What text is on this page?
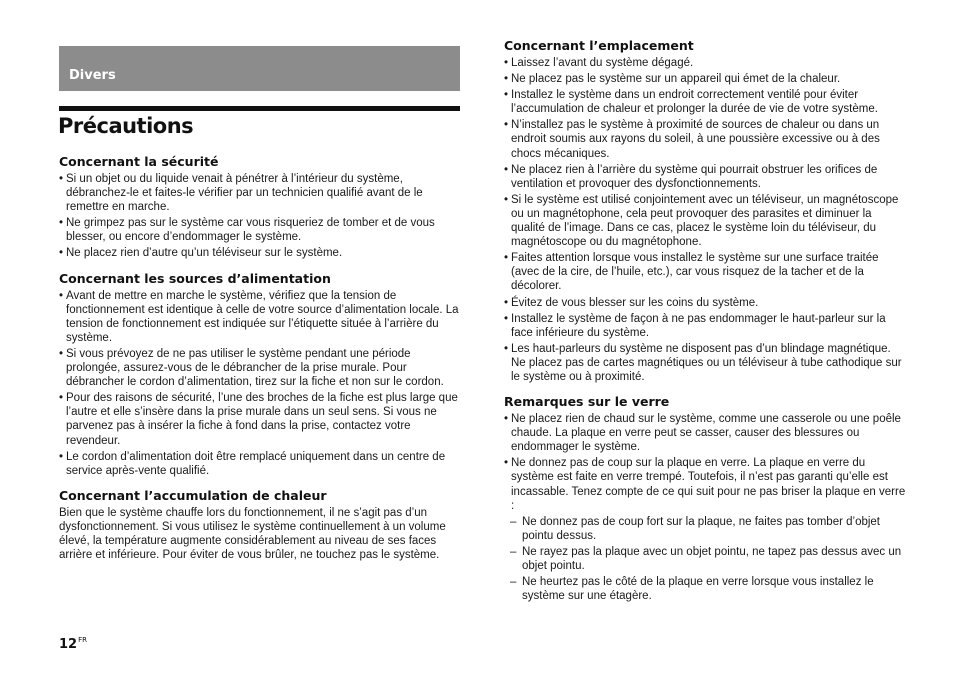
Divers
Précautions
Concernant la sécurité
• Si un objet ou du liquide venait à pénétrer à l’intérieur du système, débranchez-le et faites-le vérifier par un technicien qualifié avant de le remettre en marche.
• Ne grimpez pas sur le système car vous risqueriez de tomber et de vous blesser, ou encore d’endommager le système.
• Ne placez rien d’autre qu’un téléviseur sur le système.
Concernant les sources d’alimentation
• Avant de mettre en marche le système, vérifiez que la tension de fonctionnement est identique à celle de votre source d’alimentation locale. La tension de fonctionnement est indiquée sur l’étiquette située à l’arrière du système.
• Si vous prévoyez de ne pas utiliser le système pendant une période prolongée, assurez-vous de le débrancher de la prise murale. Pour débrancher le cordon d’alimentation, tirez sur la fiche et non sur le cordon.
• Pour des raisons de sécurité, l’une des broches de la fiche est plus large que l’autre et elle s’insère dans la prise murale dans un seul sens. Si vous ne parvenez pas à insérer la fiche à fond dans la prise, contactez votre revendeur.
• Le cordon d’alimentation doit être remplacé uniquement dans un centre de service après-vente qualifié.
Concernant l’accumulation de chaleur

Bien que le système chauffe lors du fonctionnement, il ne s’agit pas d’un dysfonctionnement. Si vous utilisez le système continuellement à un volume élevé, la température augmente considérablement au niveau de ses faces arrière et inférieure. Pour éviter de vous brûler, ne touchez pas le système.

Concernant l’emplacement
• Laissez l’avant du système dégagé.
• Ne placez pas le système sur un appareil qui émet de la chaleur.
• Installez le système dans un endroit correctement ventilé pour éviter l’accumulation de chaleur et prolonger la durée de vie de votre système.
• N’installez pas le système à proximité de sources de chaleur ou dans un endroit soumis aux rayons du soleil, à une poussière excessive ou à des chocs mécaniques.
• Ne placez rien à l’arrière du système qui pourrait obstruer les orifices de ventilation et provoquer des dysfonctionnements.
• Si le système est utilisé conjointement avec un téléviseur, un magnétoscope ou un magnétophone, cela peut provoquer des parasites et diminuer la qualité de l’image. Dans ce cas, placez le système loin du téléviseur, du magnétoscope ou du magnétophone.
• Faites attention lorsque vous installez le système sur une surface traitée (avec de la cire, de l’huile, etc.), car vous risquez de la tacher et de la décolorer.
• Évitez de vous blesser sur les coins du système.
• Installez le système de façon à ne pas endommager le haut-parleur sur la face inférieure du système.
• Les haut-parleurs du système ne disposent pas d’un blindage magnétique.
Ne placez pas de cartes magnétiques ou un téléviseur à tube cathodique sur le système ou à proximité.
Remarques sur le verre
• Ne placez rien de chaud sur le système, comme une casserole ou une poêle chaude. La plaque en verre peut se casser, causer des blessures ou endommager le système.
• Ne donnez pas de coup sur la plaque en verre. La plaque en verre du système est faite en verre trempé. Toutefois, il n’est pas garanti qu’elle est incassable. Tenez compte de ce qui suit pour ne pas briser la plaque en verre :
– Ne donnez pas de coup fort sur la plaque, ne faites pas tomber d’objet pointu dessus.
– Ne rayez pas la plaque avec un objet pointu, ne tapez pas dessus avec un objet pointu.
– Ne heurtez pas le côté de la plaque en verre lorsque vous installez le système sur une étagère.
$12^{FR}$
